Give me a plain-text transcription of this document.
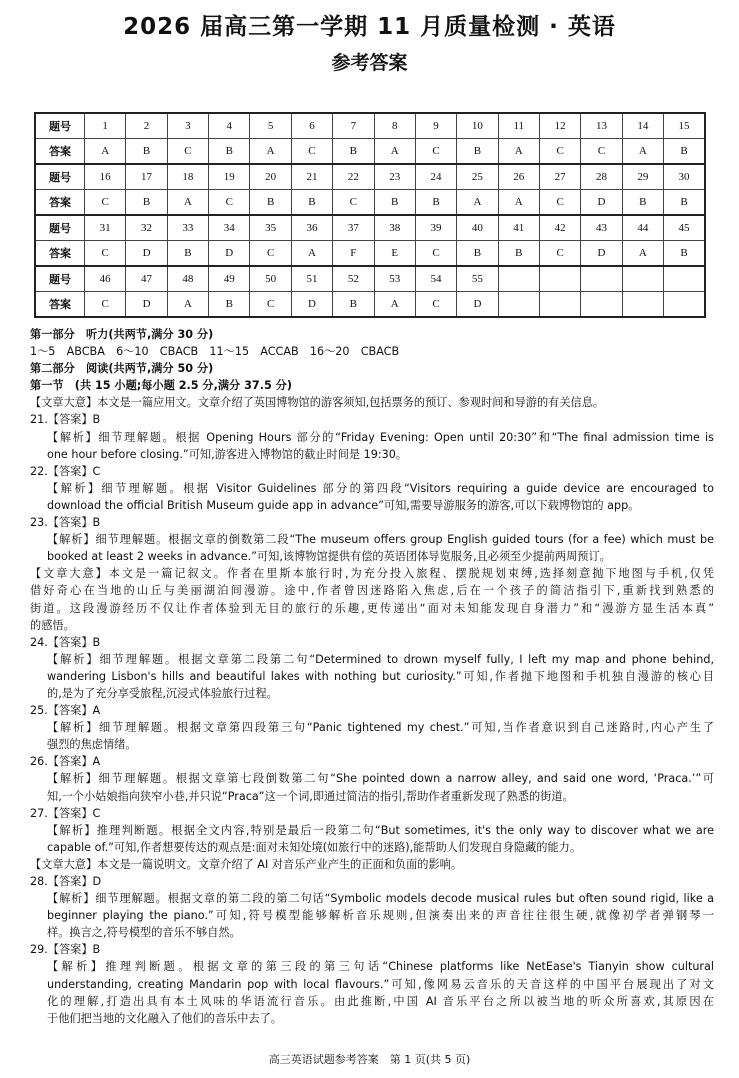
2026 届高三第一学期 11 月质量检测 · 英语
参考答案
题号	1	2	3	4	5	6	7	8	9	10	11	12	13	14	15
答案	A	B	C	B	A	C	B	A	C	B	A	C	C	A	B
题号	16	17	18	19	20	21	22	23	24	25	26	27	28	29	30
答案	C	B	A	C	B	B	C	B	B	A	A	C	D	B	B
题号	31	32	33	34	35	36	37	38	39	40	41	42	43	44	45
答案	C	D	B	D	C	A	F	E	C	B	B	C	D	A	B
题号	46	47	48	49	50	51	52	53	54	55					
答案	C	D	A	B	C	D	B	A	C	D					
第一部分　听力(共两节,满分 30 分)
1～5　ABCBA　6～10　CBACB　11～15　ACCAB　16～20　CBACB
第二部分　阅读(共两节,满分 50 分)
第一节　(共 15 小题;每小题 2.5 分,满分 37.5 分)
【文章大意】本文是一篇应用文。文章介绍了英国博物馆的游客须知,包括票务的预订、参观时间和导游的有关信息。
21.【答案】B
【解析】细节理解题。根据 Opening Hours 部分的“Friday Evening: Open until 20:30”和“The final admission time is
one hour before closing.”可知,游客进入博物馆的截止时间是 19:30。
22.【答案】C
【解析】细节理解题。根据 Visitor Guidelines 部分的第四段“Visitors requiring a guide device are encouraged to
download the official British Museum guide app in advance”可知,需要导游服务的游客,可以下载博物馆的 app。
23.【答案】B
【解析】细节理解题。根据文章的倒数第二段“The museum offers group English guided tours (for a fee) which must be
booked at least 2 weeks in advance.”可知,该博物馆提供有偿的英语团体导览服务,且必须至少提前两周预订。
【文章大意】本文是一篇记叙文。作者在里斯本旅行时,为充分投入旅程、摆脱规划束缚,选择刻意抛下地图与手机,仅凭
借好奇心在当地的山丘与美丽湖泊间漫游。途中,作者曾因迷路陷入焦虑,后在一个孩子的简洁指引下,重新找到熟悉的
街道。这段漫游经历不仅让作者体验到无目的旅行的乐趣,更传递出“面对未知能发现自身潜力”和“漫游方显生活本真”
的感悟。
24.【答案】B
【解析】细节理解题。根据文章第二段第二句“Determined to drown myself fully, I left my map and phone behind,
wandering Lisbon's hills and beautiful lakes with nothing but curiosity.”可知,作者抛下地图和手机独自漫游的核心目
的,是为了充分享受旅程,沉浸式体验旅行过程。
25.【答案】A
【解析】细节理解题。根据文章第四段第三句“Panic tightened my chest.”可知,当作者意识到自己迷路时,内心产生了
强烈的焦虑情绪。
26.【答案】A
【解析】细节理解题。根据文章第七段倒数第二句“She pointed down a narrow alley, and said one word, ‘Praca.’”可
知,一个小姑娘指向狭窄小巷,并只说“Praca”这一个词,即通过简洁的指引,帮助作者重新发现了熟悉的街道。
27.【答案】C
【解析】推理判断题。根据全文内容,特别是最后一段第二句“But sometimes, it's the only way to discover what we are
capable of.”可知,作者想要传达的观点是:面对未知处境(如旅行中的迷路),能帮助人们发现自身隐藏的能力。
【文章大意】本文是一篇说明文。文章介绍了 AI 对音乐产业产生的正面和负面的影响。
28.【答案】D
【解析】细节理解题。根据文章的第二段的第二句话“Symbolic models decode musical rules but often sound rigid, like a
beginner playing the piano.”可知,符号模型能够解析音乐规则,但演奏出来的声音往往很生硬,就像初学者弹钢琴一
样。换言之,符号模型的音乐不够自然。
29.【答案】B
【解析】推理判断题。根据文章的第三段的第三句话“Chinese platforms like NetEase's Tianyin show cultural
understanding, creating Mandarin pop with local flavours.”可知,像网易云音乐的天音这样的中国平台展现出了对文
化的理解,打造出具有本土风味的华语流行音乐。由此推断,中国 AI 音乐平台之所以被当地的听众所喜欢,其原因在
于他们把当地的文化融入了他们的音乐中去了。
高三英语试题参考答案　第 1 页(共 5 页)
